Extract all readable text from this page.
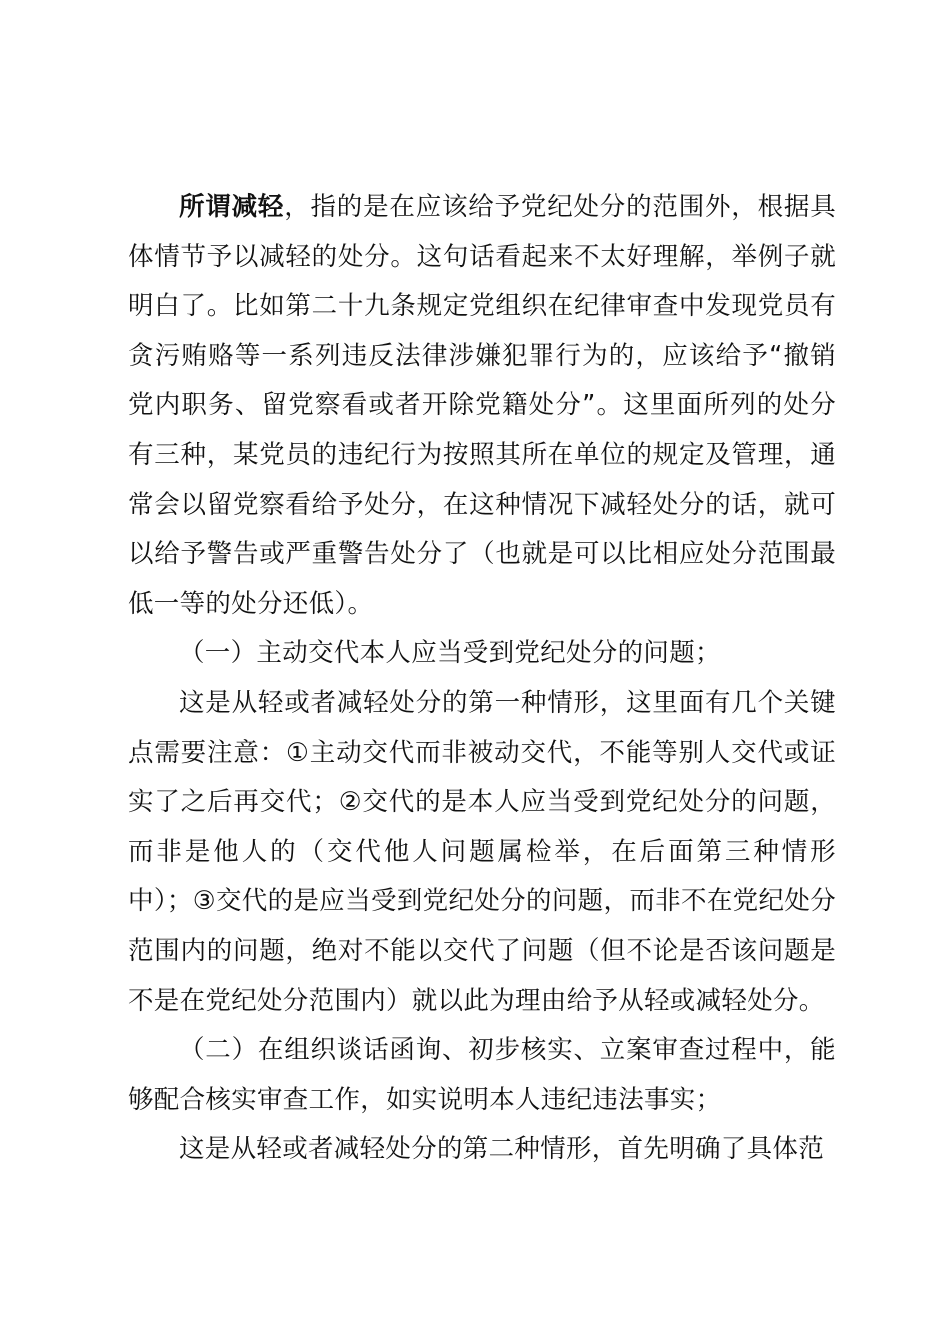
所谓减轻，指的是在应该给予党纪处分的范围外，根据具体情节予以减轻的处分。这句话看起来不太好理解，举例子就明白了。比如第二十九条规定党组织在纪律审查中发现党员有贪污贿赂等一系列违反法律涉嫌犯罪行为的，应该给予“撤销党内职务、留党察看或者开除党籍处分”。这里面所列的处分有三种，某党员的违纪行为按照其所在单位的规定及管理，通常会以留党察看给予处分，在这种情况下减轻处分的话，就可以给予警告或严重警告处分了（也就是可以比相应处分范围最低一等的处分还低）。

（一）主动交代本人应当受到党纪处分的问题；

这是从轻或者减轻处分的第一种情形，这里面有几个关键点需要注意：①主动交代而非被动交代，不能等别人交代或证实了之后再交代；②交代的是本人应当受到党纪处分的问题，而非是他人的（交代他人问题属检举，在后面第三种情形中）；③交代的是应当受到党纪处分的问题，而非不在党纪处分范围内的问题，绝对不能以交代了问题（但不论是否该问题是不是在党纪处分范围内）就以此为理由给予从轻或减轻处分。

（二）在组织谈话函询、初步核实、立案审查过程中，能够配合核实审查工作，如实说明本人违纪违法事实；

这是从轻或者减轻处分的第二种情形，首先明确了具体范
